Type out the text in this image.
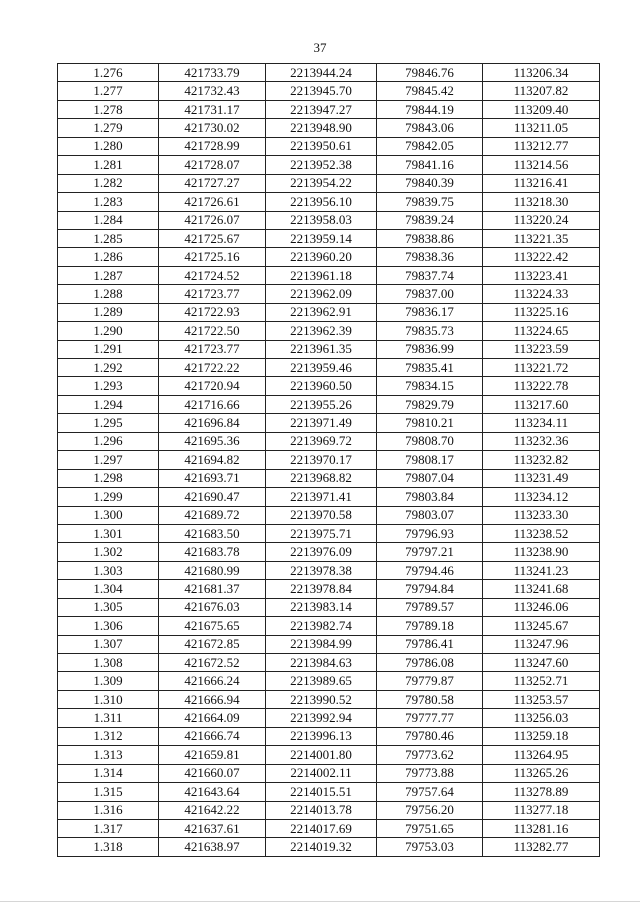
37
1.276	421733.79	2213944.24	79846.76	113206.34
1.277	421732.43	2213945.70	79845.42	113207.82
1.278	421731.17	2213947.27	79844.19	113209.40
1.279	421730.02	2213948.90	79843.06	113211.05
1.280	421728.99	2213950.61	79842.05	113212.77
1.281	421728.07	2213952.38	79841.16	113214.56
1.282	421727.27	2213954.22	79840.39	113216.41
1.283	421726.61	2213956.10	79839.75	113218.30
1.284	421726.07	2213958.03	79839.24	113220.24
1.285	421725.67	2213959.14	79838.86	113221.35
1.286	421725.16	2213960.20	79838.36	113222.42
1.287	421724.52	2213961.18	79837.74	113223.41
1.288	421723.77	2213962.09	79837.00	113224.33
1.289	421722.93	2213962.91	79836.17	113225.16
1.290	421722.50	2213962.39	79835.73	113224.65
1.291	421723.77	2213961.35	79836.99	113223.59
1.292	421722.22	2213959.46	79835.41	113221.72
1.293	421720.94	2213960.50	79834.15	113222.78
1.294	421716.66	2213955.26	79829.79	113217.60
1.295	421696.84	2213971.49	79810.21	113234.11
1.296	421695.36	2213969.72	79808.70	113232.36
1.297	421694.82	2213970.17	79808.17	113232.82
1.298	421693.71	2213968.82	79807.04	113231.49
1.299	421690.47	2213971.41	79803.84	113234.12
1.300	421689.72	2213970.58	79803.07	113233.30
1.301	421683.50	2213975.71	79796.93	113238.52
1.302	421683.78	2213976.09	79797.21	113238.90
1.303	421680.99	2213978.38	79794.46	113241.23
1.304	421681.37	2213978.84	79794.84	113241.68
1.305	421676.03	2213983.14	79789.57	113246.06
1.306	421675.65	2213982.74	79789.18	113245.67
1.307	421672.85	2213984.99	79786.41	113247.96
1.308	421672.52	2213984.63	79786.08	113247.60
1.309	421666.24	2213989.65	79779.87	113252.71
1.310	421666.94	2213990.52	79780.58	113253.57
1.311	421664.09	2213992.94	79777.77	113256.03
1.312	421666.74	2213996.13	79780.46	113259.18
1.313	421659.81	2214001.80	79773.62	113264.95
1.314	421660.07	2214002.11	79773.88	113265.26
1.315	421643.64	2214015.51	79757.64	113278.89
1.316	421642.22	2214013.78	79756.20	113277.18
1.317	421637.61	2214017.69	79751.65	113281.16
1.318	421638.97	2214019.32	79753.03	113282.77
